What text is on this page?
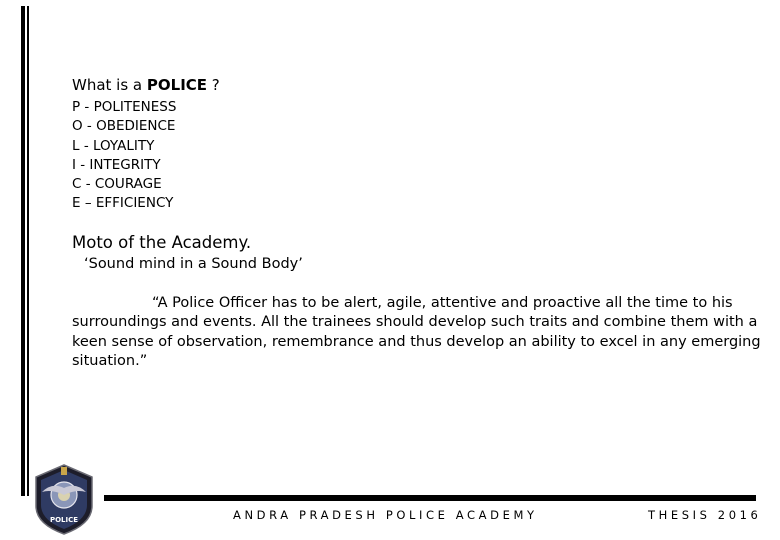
What is a POLICE ?
P - POLITENESS
O - OBEDIENCE
L - LOYALITY
I - INTEGRITY
C - COURAGE
E – EFFICIENCY
Moto of the Academy.
‘Sound mind in a Sound Body’

“A Police Officer has to be alert, agile, attentive and proactive all the time to his surroundings and events. All the trainees should develop such traits and combine them with a keen sense of observation, remembrance and thus develop an ability to excel in any emerging situation.”

POLICE	ANDRA PRADESH POLICE ACADEMY	THESIS 2016
